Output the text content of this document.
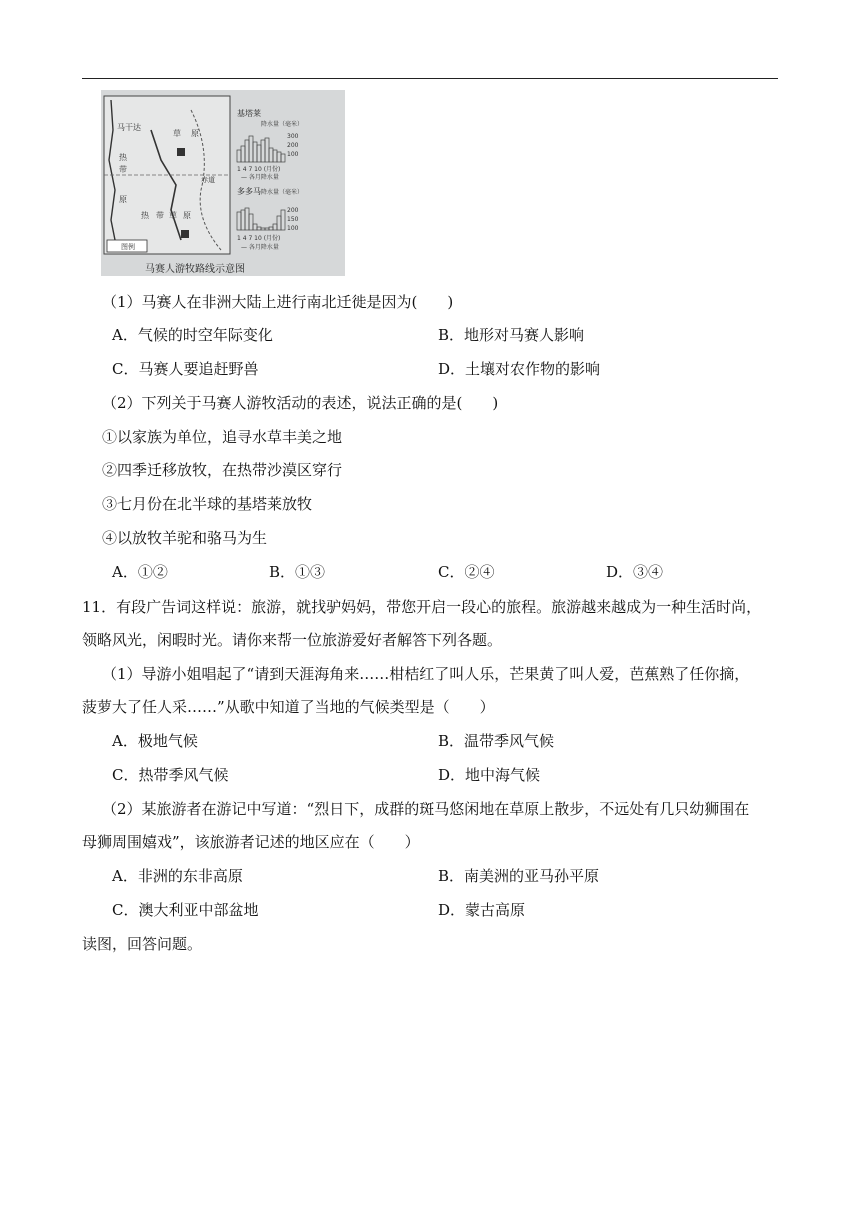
马干达
草 原
赤道
热
带
原
热 带 草 原
图例
基塔莱
降水量（毫米）
300
200
100
1 4 7 10 (月份)
— 各月降水量
多多马 降水量（毫米）
200
150
100
1 4 7 10 (月份)
— 各月降水量
马赛人游牧路线示意图
（1）马赛人在非洲大陆上进行南北迁徙是因为(　　)
A．气候的时空年际变化	B．地形对马赛人影响
C．马赛人要追赶野兽	D．土壤对农作物的影响
（2）下列关于马赛人游牧活动的表述，说法正确的是(　　)
①以家族为单位，追寻水草丰美之地
②四季迁移放牧，在热带沙漠区穿行
③七月份在北半球的基塔莱放牧
④以放牧羊驼和骆马为生
A．①②	B．①③	C．②④	D．③④
11．有段广告词这样说：旅游，就找驴妈妈，带您开启一段心的旅程。旅游越来越成为一种生活时尚，
领略风光，闲暇时光。请你来帮一位旅游爱好者解答下列各题。
（1）导游小姐唱起了“请到天涯海角来……柑桔红了叫人乐，芒果黄了叫人爱，芭蕉熟了任你摘，
菠萝大了任人采……”从歌中知道了当地的气候类型是（　　）
A．极地气候	B．温带季风气候
C．热带季风气候	D．地中海气候
（2）某旅游者在游记中写道：“烈日下，成群的斑马悠闲地在草原上散步，不远处有几只幼狮围在
母狮周围嬉戏”，该旅游者记述的地区应在（　　）
A．非洲的东非高原	B．南美洲的亚马孙平原
C．澳大利亚中部盆地	D．蒙古高原
读图，回答问题。
